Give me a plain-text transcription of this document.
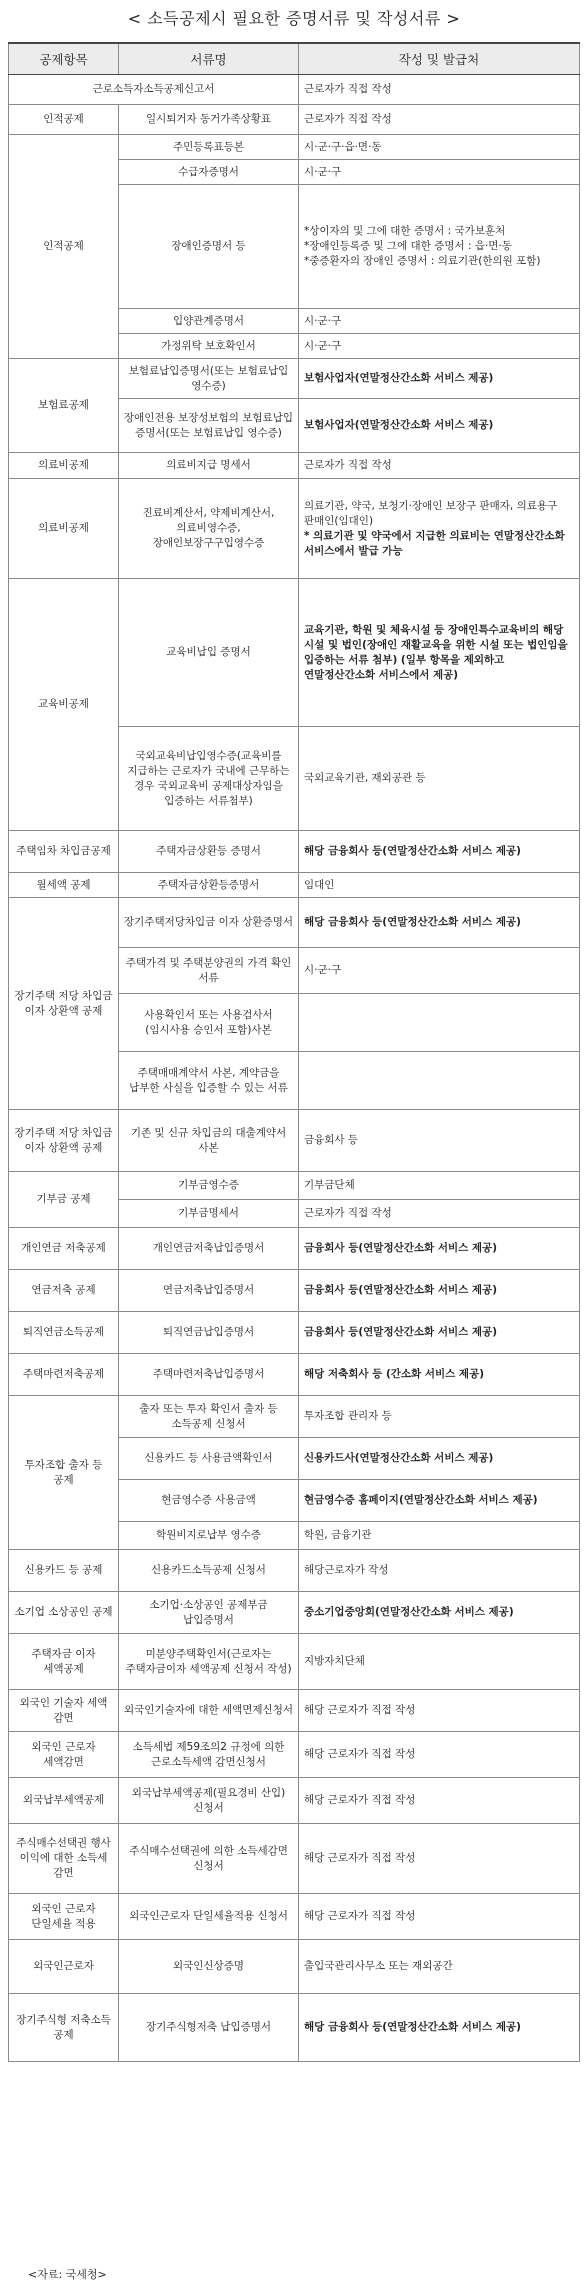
< 소득공제시 필요한 증명서류 및 작성서류 >
공제항목	서류명	작성 및 발급처
근로소득자소득공제신고서		근로자가 직접 작성
인적공제	일시퇴거자 동거가족상황표	근로자가 직접 작성
인적공제	주민등록표등본	시·군·구·읍·면·동
	수급자증명서	시·군·구
	장애인증명서 등	*상이자의 및 그에 대한 증명서 : 국가보훈처
*장애인등록증 및 그에 대한 증명서 : 읍·면·동
*중증환자의 장애인 증명서 : 의료기관(한의원 포함)

	입양관계증명서	시·군·구
	가정위탁 보호확인서	시·군·구
보험료공제	보험료납입증명서(또는 보험료납입 영수증)	보험사업자(연말정산간소화 서비스 제공)
	장애인전용 보장성보험의 보험료납입 증명서(또는 보험료납입 영수증)	보험사업자(연말정산간소화 서비스 제공)
의료비공제	의료비지급 명세서	근로자가 직접 작성
의료비공제	진료비계산서, 약제비계산서, 의료비영수증, 장애인보장구구입영수증	의료기관, 약국, 보청기·장애인 보장구 판매자, 의료용구 판매인(임대인)
* 의료기관 및 약국에서 지급한 의료비는 연말정산간소화 서비스에서 발급 가능

교육비공제	교육비납입 증명서	교육기관, 학원 및 체육시설 등 장애인특수교육비의 해당 시설 및 법인(장애인 재활교육을 위한 시설 또는 법인임을 입증하는 서류 첨부) (일부 항목을 제외하고 연말정산간소화 서비스에서 제공)
	국외교육비납입영수증(교육비를 지급하는 근로자가 국내에 근무하는 경우 국외교육비 공제대상자임을 입증하는 서류첨부)	국외교육기관, 재외공관 등
주택임차 차입금공제	주택자금상환등 증명서	해당 금융회사 등(연말정산간소화 서비스 제공)
월세액 공제	주택자금상환등증명서	임대인
장기주택 저당 차입금 이자 상환액 공제	장기주택저당차입금 이자 상환증명서	해당 금융회사 등(연말정산간소화 서비스 제공)
	주택가격 및 주택분양권의 가격 확인 서류	시·군·구
	사용확인서 또는 사용검사서(임시사용 승인서 포함)사본	
	주택매매계약서 사본, 계약금을 납부한 사실을 입증할 수 있는 서류	
장기주택 저당 차입금 이자 상환액 공제	기존 및 신규 차입금의 대출계약서 사본	금융회사 등
기부금 공제	기부금영수증	기부금단체
	기부금명세서	근로자가 직접 작성
개인연금 저축공제	개인연금저축납입증명서	금융회사 등(연말정산간소화 서비스 제공)
연금저축 공제	연금저축납입증명서	금융회사 등(연말정산간소화 서비스 제공)
퇴직연금소득공제	퇴직연금납입증명서	금융회사 등(연말정산간소화 서비스 제공)
주택마련저축공제	주택마련저축납입증명서	해당 저축회사 등 (간소화 서비스 제공)
투자조합 출자 등 공제	출자 또는 투자 확인서 출자 등 소득공제 신청서	투자조합 관리자 등
	신용카드 등 사용금액확인서	신용카드사(연말정산간소화 서비스 제공)
	현금영수증 사용금액	현금영수증 홈페이지(연말정산간소화 서비스 제공)
	학원비지로납부 영수증	학원, 금융기관
신용카드 등 공제	신용카드소득공제 신청서	해당근로자가 작성
소기업 소상공인 공제	소기업·소상공인 공제부금 납입증명서	중소기업중앙회(연말정산간소화 서비스 제공)
주택자금 이자 세액공제	미분양주택확인서(근로자는 주택자금이자 세액공제 신청서 작성)	지방자치단체
외국인 기술자 세액 감면	외국인기술자에 대한 세액면제신청서	해당 근로자가 직접 작성
외국인 근로자 세액감면	소득세법 제59조의2 규정에 의한 근로소득세액 감면신청서	해당 근로자가 직접 작성
외국납부세액공제	외국납부세액공제(필요경비 산입)신청서	해당 근로자가 직접 작성
주식매수선택권 행사 이익에 대한 소득세 감면	주식매수선택권에 의한 소득세감면 신청서	해당 근로자가 직접 작성
외국인 근로자 단일세율 적용	외국인근로자 단일세율적용 신청서	해당 근로자가 직접 작성
외국인근로자	외국인신상증명	출입국관리사무소 또는 재외공간
장기주식형 저축소득 공제	장기주식형저축 납입증명서	해당 금융회사 등(연말정산간소화 서비스 제공)
<자료: 국세청>
